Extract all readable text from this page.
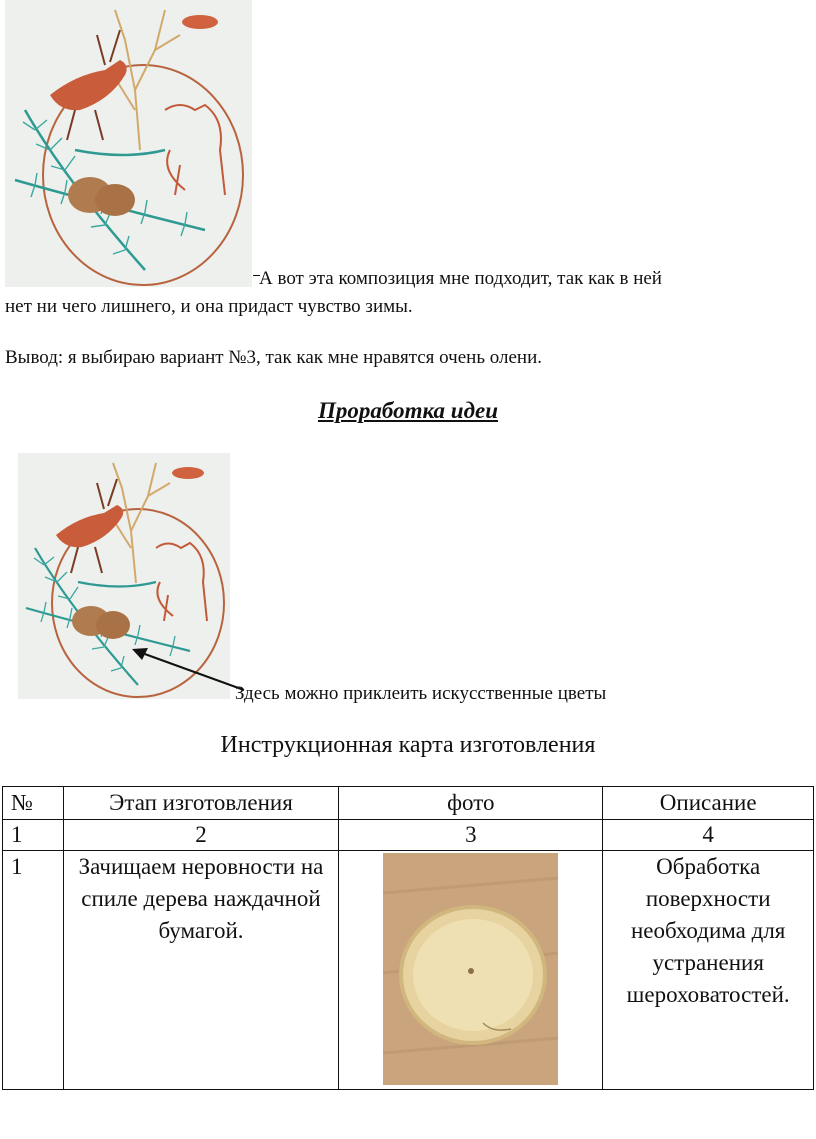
А вот эта композиция мне подходит, так как в ней
нет ни чего лишнего, и она придаст чувство зимы.
Вывод: я выбираю вариант №3, так как мне нравятся очень олени.
Проработка идеи
Здесь можно приклеить искусственные цветы
Инструкционная карта изготовления
№	Этап изготовления	фото	Описание
1	2	3	4
1	Зачищаем неровности на спиле дерева наждачной бумагой.		Обработка поверхности необходима для устранения шероховатостей.
